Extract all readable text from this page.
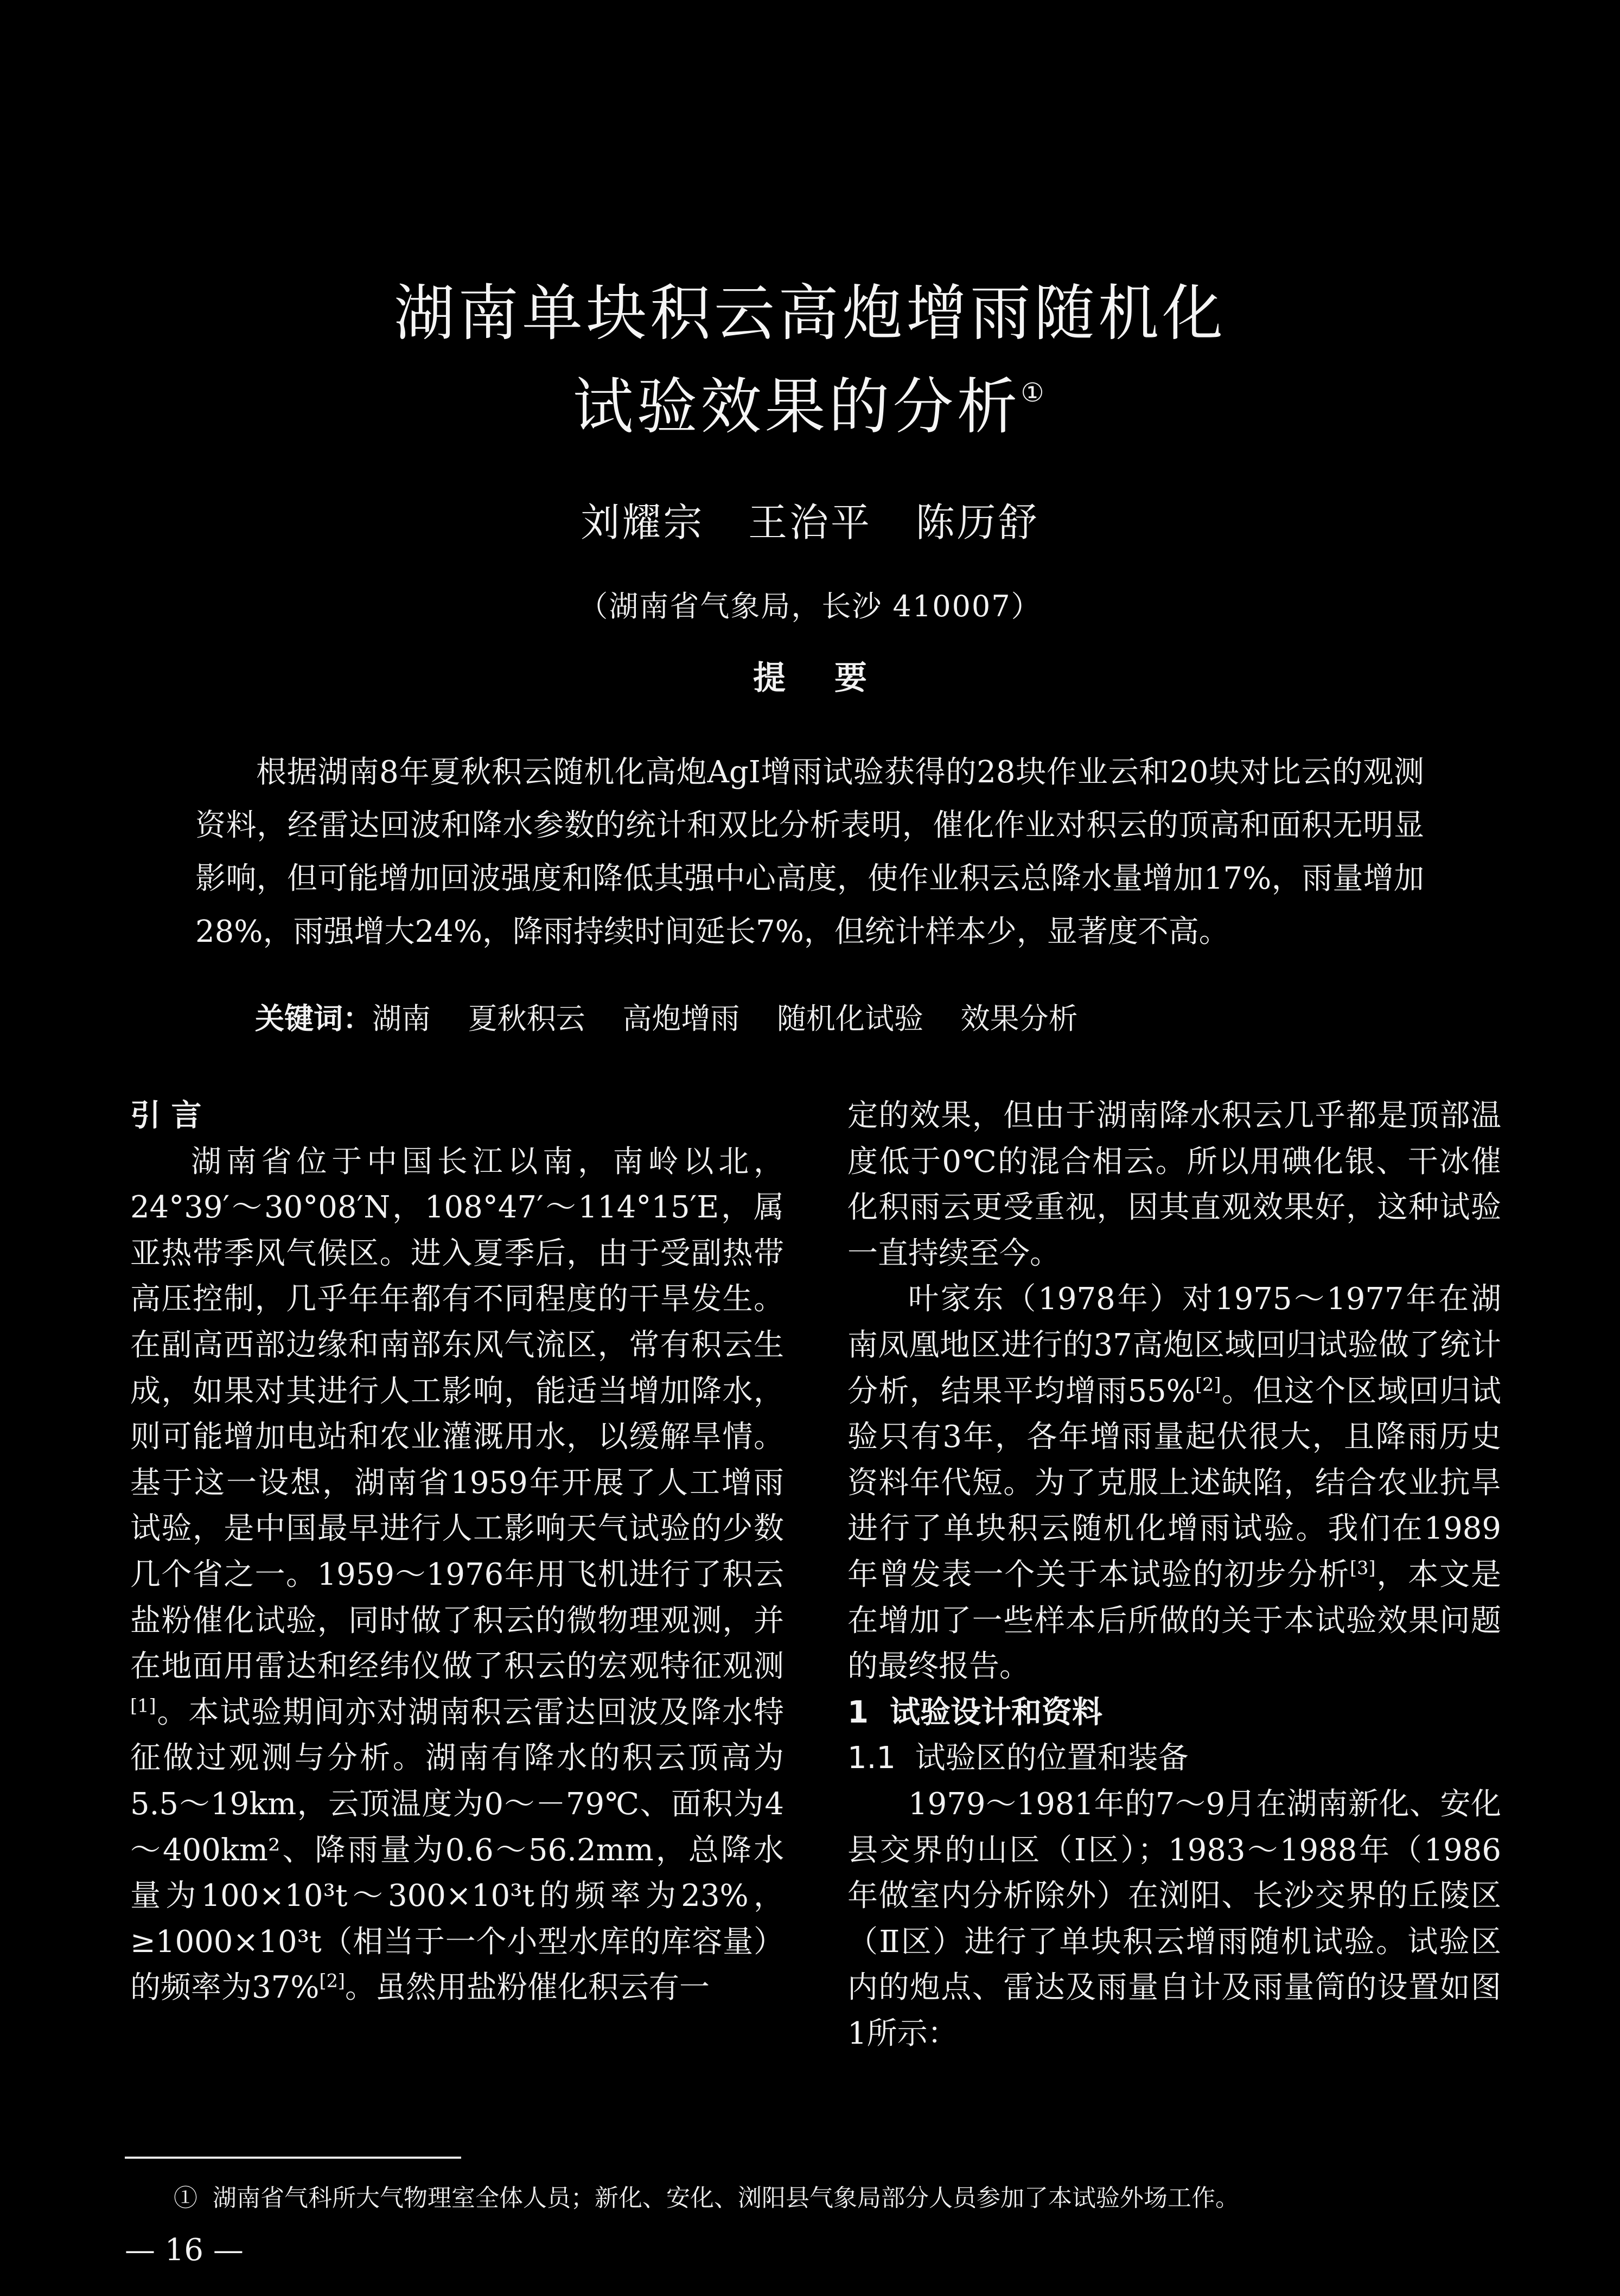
湖南单块积云高炮增雨随机化
试验效果的分析①
刘耀宗   王治平   陈历舒
（湖南省气象局，长沙 410007）
提要
根据湖南8年夏秋积云随机化高炮AgI增雨试验获得的28块作业云和20块对比云的观测资料，经雷达回波和降水参数的统计和双比分析表明，催化作业对积云的顶高和面积无明显影响，但可能增加回波强度和降低其强中心高度，使作业积云总降水量增加17%，雨量增加28%，雨强增大24%，降雨持续时间延长7%，但统计样本少，显著度不高。
关键词：湖南    夏秋积云    高炮增雨    随机化试验    效果分析

引 言

湖南省位于中国长江以南，南岭以北，24°39′～30°08′N，108°47′～114°15′E，属亚热带季风气候区。进入夏季后，由于受副热带高压控制，几乎年年都有不同程度的干旱发生。在副高西部边缘和南部东风气流区，常有积云生成，如果对其进行人工影响，能适当增加降水，则可能增加电站和农业灌溉用水，以缓解旱情。基于这一设想，湖南省1959年开展了人工增雨试验，是中国最早进行人工影响天气试验的少数几个省之一。1959～1976年用飞机进行了积云盐粉催化试验，同时做了积云的微物理观测，并在地面用雷达和经纬仪做了积云的宏观特征观测[1]。本试验期间亦对湖南积云雷达回波及降水特征做过观测与分析。湖南有降水的积云顶高为5.5～19km，云顶温度为0～－79℃、面积为4～400km²、降雨量为0.6～56.2mm，总降水量为100×10³t～300×10³t的频率为23%，≥1000×10³t（相当于一个小型水库的库容量）的频率为37%[2]。虽然用盐粉催化积云有一

定的效果，但由于湖南降水积云几乎都是顶部温度低于0℃的混合相云。所以用碘化银、干冰催化积雨云更受重视，因其直观效果好，这种试验一直持续至今。

叶家东（1978年）对1975～1977年在湖南凤凰地区进行的37高炮区域回归试验做了统计分析，结果平均增雨55%[2]。但这个区域回归试验只有3年，各年增雨量起伏很大，且降雨历史资料年代短。为了克服上述缺陷，结合农业抗旱进行了单块积云随机化增雨试验。我们在1989年曾发表一个关于本试验的初步分析[3]，本文是在增加了一些样本后所做的关于本试验效果问题的最终报告。

1  试验设计和资料

1.1  试验区的位置和装备

1979～1981年的7～9月在湖南新化、安化县交界的山区（Ⅰ区）；1983～1988年（1986年做室内分析除外）在浏阳、长沙交界的丘陵区（Ⅱ区）进行了单块积云增雨随机试验。试验区内的炮点、雷达及雨量自计及雨量筒的设置如图1所示：

①  湖南省气科所大气物理室全体人员；新化、安化、浏阳县气象局部分人员参加了本试验外场工作。
— 16 —
